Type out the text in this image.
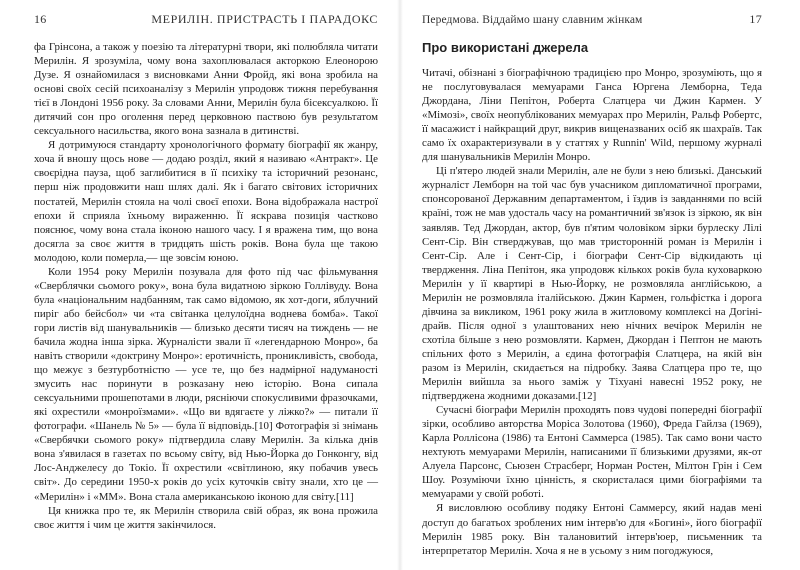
16	МЕРИЛІН. ПРИСТРАСТЬ І ПАРАДОКС

фа Грінсона, а також у поезію та літературні твори, які полюбляла читати Мерилін. Я зрозуміла, чому вона захоплювалася акторкою Елеонорою Дузе. Я ознайомилася з висновками Анни Фройд, які вона зробила на основі своїх сесій психоаналізу з Мерилін упродовж тижня перебування тієї в Лондоні 1956 року. За словами Анни, Мерилін була бісексуалкою. Її дитячий сон про оголення перед церковною паствою був результатом сексуального насильства, якого вона зазнала в дитинстві.

Я дотримуюся стандарту хронологічного формату біографії як жанру, хоча й вношу щось нове — додаю розділ, який я називаю «Антракт». Це своєрідна пауза, щоб заглибитися в її психіку та історичний резонанс, перш ніж продовжити наш шлях далі. Як і багато світових історичних постатей, Мерилін стояла на чолі своєї епохи. Вона відображала настрої епохи й сприяла їхньому вираженню. Її яскрава позиція частково пояснює, чому вона стала іконою нашого часу. І я вражена тим, що вона досягла за своє життя в тридцять шість років. Вона була ще такою молодою, коли померла,— ще зовсім юною.

Коли 1954 року Мерилін позувала для фото під час фільмування «Сверблячки сьомого року», вона була видатною зіркою Голлівуду. Вона була «національним надбанням, так само відомою, як хот-доги, яблучний пиріг або бейсбол» чи «та світанка целулоїдна воднева бомба». Такої гори листів від шанувальників — близько десяти тисяч на тиждень — не бачила жодна інша зірка. Журналісти звали її «легендарною Монро», ба навіть створили «доктрину Монро»: еротичність, проникливість, свобода, що межує з безтурботністю — усе те, що без надмірної надуманості змусить нас поринути в розказану нею історію. Вона сипала сексуальними прошепотами в люди, рясніючи спокусливими фразочками, які охрестили «монроїзмами». «Що ви вдягаєте у ліжко?» — питали її фотографи. «Шанель № 5» — була її відповідь.[10] Фотографія зі знімань «Свербячки сьомого року» підтвердила славу Мерилін. За кілька днів вона з'явилася в газетах по всьому світу, від Нью-Йорка до Гонконгу, від Лос-Анджелесу до Токіо. Її охрестили «світлиною, яку побачив увесь світ». До середини 1950-х років до усіх куточків світу знали, хто це — «Мерилін» і «ММ». Вона стала американською іконою для світу.[11]

Ця книжка про те, як Мерилін створила свій образ, як вона прожила своє життя і чим це життя закінчилося.

Передмова. Віддаймо шану славним жінкам	17
Про використані джерела

Читачі, обізнані з біографічною традицією про Монро, зрозуміють, що я не послуговувалася мемуарами Ганса Юргена Лемборна, Теда Джордана, Ліни Пепітон, Роберта Слатцера чи Джин Кармен. У «Мімозі», своїх неопублікованих мемуарах про Мерилін, Ральф Робертс, її масажист і найкращий друг, викрив вищеназваних осіб як шахраїв. Так само їх охарактеризували в у статтях у Runnin' Wild, першому журналі для шанувальників Мерилін Монро.

Ці п'ятеро людей знали Мерилін, але не були з нею близькі. Данський журналіст Лемборн на той час був учасником дипломатичної програми, спонсорованої Державним департаментом, і їздив із завданнями по всій країні, тож не мав удосталь часу на романтичний зв'язок із зіркою, як він заявляв. Тед Джордан, актор, був п'ятим чоловіком зірки бурлеску Лілі Сент-Сір. Він стверджував, що мав тристоронній роман із Мерилін і Сент-Сір. Але і Сент-Сір, і біографи Сент-Сір відкидають ці твердження. Ліна Пепітон, яка упродовж кількох років була куховаркою Мерилін у її квартирі в Нью-Йорку, не розмовляла англійською, а Мерилін не розмовляла італійською. Джин Кармен, гольфістка і дорога дівчина за викликом, 1961 року жила в житловому комплексі на Догіні-драйв. Після одної з улаштованих нею нічних вечірок Мерилін не схотіла більше з нею розмовляти. Кармен, Джордан і Пептон не мають спільних фото з Мерилін, а єдина фотографія Слатцера, на якій він разом із Мерилін, скидається на підробку. Заява Слатцера про те, що Мерилін вийшла за нього заміж у Тіхуані навесні 1952 року, не підтверджена жодними доказами.[12]

Сучасні біографи Мерилін проходять повз чудові попередні біографії зірки, особливо авторства Моріса Золотова (1960), Фреда Гайлза (1969), Карла Роллісона (1986) та Ентоні Саммерса (1985). Так само вони часто нехтують мемуарами Мерилін, написаними її близькими друзями, як-от Алуела Парсонс, Сьюзен Страсберг, Норман Ростен, Мілтон Грін і Сем Шоу. Розуміючи їхню цінність, я скористалася цими біографіями та мемуарами у своїй роботі.

Я висловлюю особливу подяку Ентоні Саммерсу, який надав мені доступ до багатьох зроблених ним інтерв'ю для «Богині», його біографії Мерилін 1985 року. Він талановитий інтерв'юер, письменник та інтерпретатор Мерилін. Хоча я не в усьому з ним погоджуюся,
